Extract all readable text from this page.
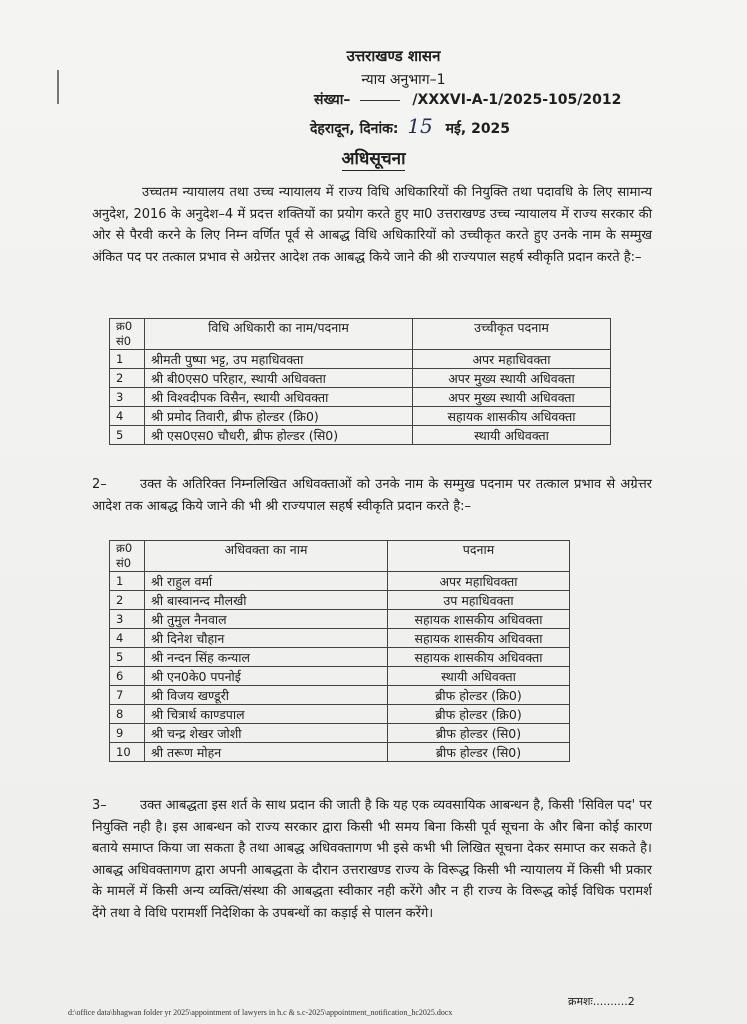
उत्तराखण्ड शासन
न्याय अनुभाग–1
संख्या–	/XXXVI-A-1/2025-105/2012
देहरादून, दिनांक: 15 मई, 2025
अधिसूचना
उच्चतम न्यायालय तथा उच्च न्यायालय में राज्य विधि अधिकारियों की नियुक्ति तथा पदावधि के लिए सामान्य अनुदेश, 2016 के अनुदेश–4 में प्रदत्त शक्तियों का प्रयोग करते हुए मा0 उत्तराखण्ड उच्च न्यायालय में राज्य सरकार की ओर से पैरवी करने के लिए निम्न वर्णित पूर्व से आबद्ध विधि अधिकारियों को उच्चीकृत करते हुए उनके नाम के सम्मुख अंकित पद पर तत्काल प्रभाव से अग्रेत्तर आदेश तक आबद्ध किये जाने की श्री राज्यपाल सहर्ष स्वीकृति प्रदान करते है:–
क्र0 सं0	विधि अधिकारी का नाम/पदनाम	उच्चीकृत पदनाम
1	श्रीमती पुष्पा भट्ट, उप महाधिवक्ता	अपर महाधिवक्ता
2	श्री बी0एस0 परिहार, स्थायी अधिवक्ता	अपर मुख्य स्थायी अधिवक्ता
3	श्री विश्वदीपक विसैन, स्थायी अधिवक्ता	अपर मुख्य स्थायी अधिवक्ता
4	श्री प्रमोद तिवारी, ब्रीफ होल्डर (क्रि0)	सहायक शासकीय अधिवक्ता
5	श्री एस0एस0 चौधरी, ब्रीफ होल्डर (सि0)	स्थायी अधिवक्ता
2–	उक्त के अतिरिक्त निम्नलिखित अधिवक्ताओं को उनके नाम के सम्मुख पदनाम पर तत्काल प्रभाव से अग्रेत्तर आदेश तक आबद्ध किये जाने की भी श्री राज्यपाल सहर्ष स्वीकृति प्रदान करते है:–
क्र0 सं0	अधिवक्ता का नाम	पदनाम
1	श्री राहुल वर्मा	अपर महाधिवक्ता
2	श्री बास्वानन्द मौलखी	उप महाधिवक्ता
3	श्री तुमुल नैनवाल	सहायक शासकीय अधिवक्ता
4	श्री दिनेश चौहान	सहायक शासकीय अधिवक्ता
5	श्री नन्दन सिंह कन्याल	सहायक शासकीय अधिवक्ता
6	श्री एन0के0 पपनोई	स्थायी अधिवक्ता
7	श्री विजय खण्डूरी	ब्रीफ होल्डर (क्रि0)
8	श्री चित्रार्थ काण्डपाल	ब्रीफ होल्डर (क्रि0)
9	श्री चन्द्र शेखर जोशी	ब्रीफ होल्डर (सि0)
10	श्री तरूण मोहन	ब्रीफ होल्डर (सि0)
3–	उक्त आबद्धता इस शर्त के साथ प्रदान की जाती है कि यह एक व्यवसायिक आबन्धन है, किसी 'सिविल पद' पर नियुक्ति नही है। इस आबन्धन को राज्य सरकार द्वारा किसी भी समय बिना किसी पूर्व सूचना के और बिना कोई कारण बताये समाप्त किया जा सकता है तथा आबद्ध अधिवक्तागण भी इसे कभी भी लिखित सूचना देकर समाप्त कर सकते है। आबद्ध अधिवक्तागण द्वारा अपनी आबद्धता के दौरान उत्तराखण्ड राज्य के विरूद्ध किसी भी न्यायालय में किसी भी प्रकार के मामलें में किसी अन्य व्यक्ति/संस्था की आबद्धता स्वीकार नही करेंगे और न ही राज्य के विरूद्ध कोई विधिक परामर्श देंगे तथा वे विधि परामर्शी निदेशिका के उपबन्धों का कड़ाई से पालन करेंगे।
क्रमशः..........2
d:\office data\bhagwan folder yr 2025\appointment of lawyers in h.c & s.c-2025\appointment_notification_hc2025.docx
